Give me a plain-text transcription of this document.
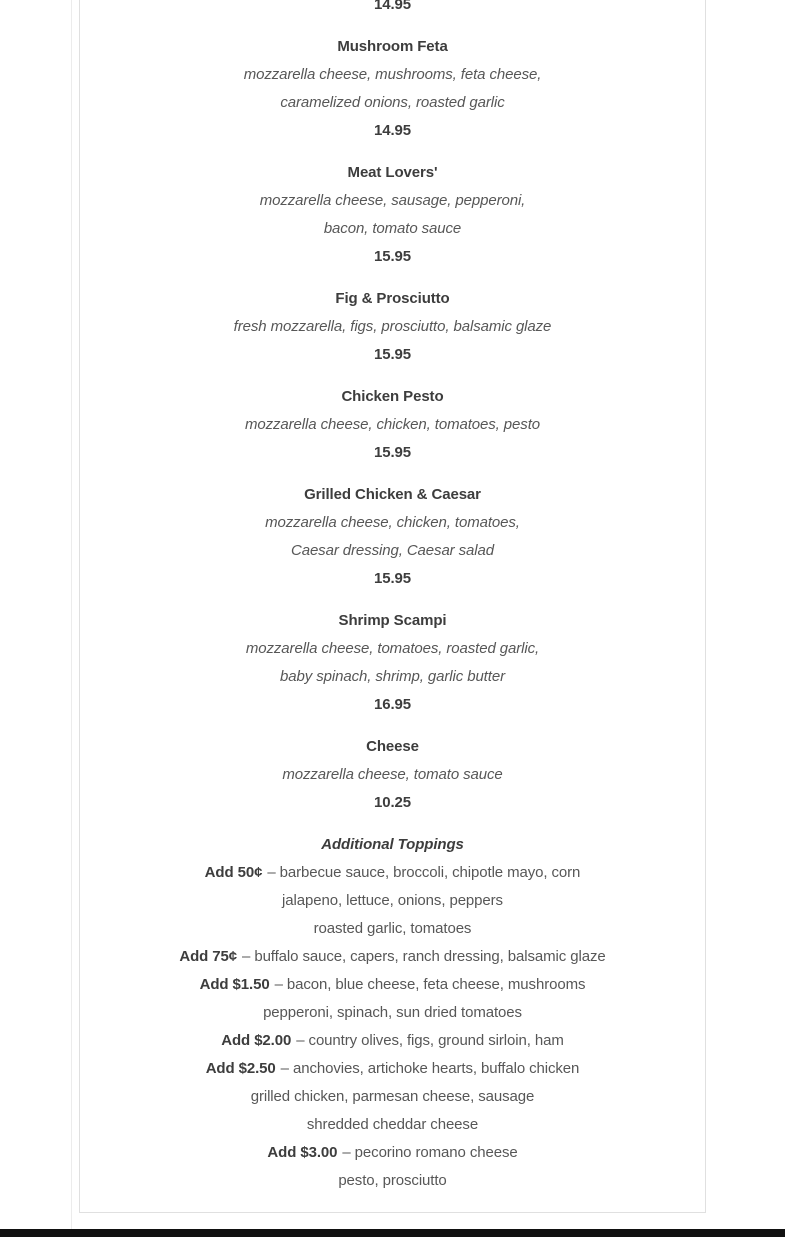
14.95
Mushroom Feta
mozzarella cheese, mushrooms, feta cheese,
caramelized onions, roasted garlic
14.95
Meat Lovers'
mozzarella cheese, sausage, pepperoni,
bacon, tomato sauce
15.95
Fig & Prosciutto
fresh mozzarella, figs, prosciutto, balsamic glaze
15.95
Chicken Pesto
mozzarella cheese, chicken, tomatoes, pesto
15.95
Grilled Chicken & Caesar
mozzarella cheese, chicken, tomatoes,
Caesar dressing, Caesar salad
15.95
Shrimp Scampi
mozzarella cheese, tomatoes, roasted garlic,
baby spinach, shrimp, garlic butter
16.95
Cheese
mozzarella cheese, tomato sauce
10.25
Additional Toppings
Add 50¢ – barbecue sauce, broccoli, chipotle mayo, corn
jalapeno, lettuce, onions, peppers
roasted garlic, tomatoes
Add 75¢ – buffalo sauce, capers, ranch dressing, balsamic glaze
Add $1.50 – bacon, blue cheese, feta cheese, mushrooms
pepperoni, spinach, sun dried tomatoes
Add $2.00 – country olives, figs, ground sirloin, ham
Add $2.50 – anchovies, artichoke hearts, buffalo chicken
grilled chicken, parmesan cheese, sausage
shredded cheddar cheese
Add $3.00 – pecorino romano cheese
pesto, prosciutto
